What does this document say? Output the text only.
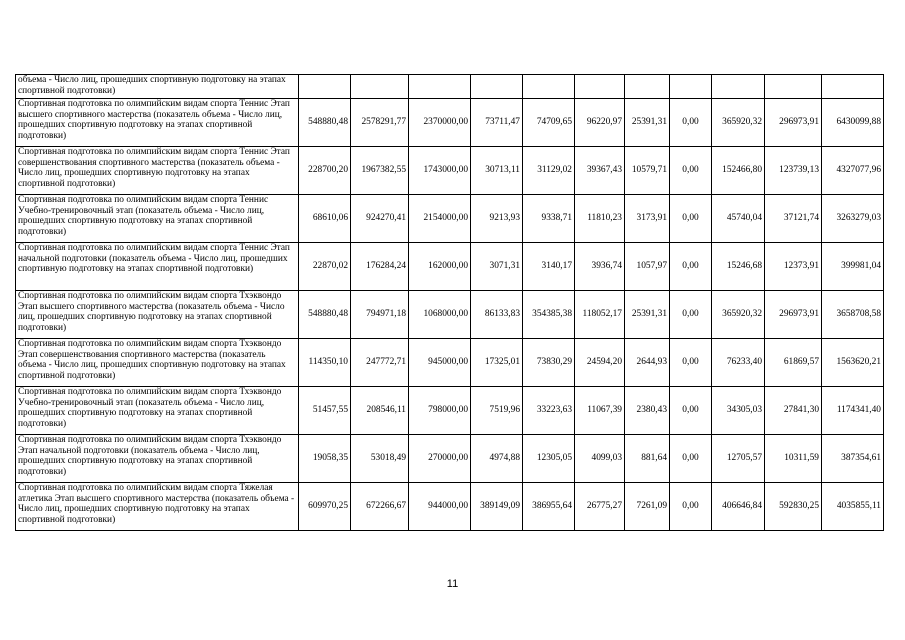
объема - Число лиц, прошедших спортивную подготовку на этапах спортивной подготовки)											
Спортивная подготовка по олимпийским видам спорта Теннис Этап высшего спортивного мастерства (показатель объема - Число лиц, прошедших спортивную подготовку на этапах спортивной подготовки)	548880,48	2578291,77	2370000,00	73711,47	74709,65	96220,97	25391,31	0,00	365920,32	296973,91	6430099,88
Спортивная подготовка по олимпийским видам спорта Теннис Этап совершенствования спортивного мастерства (показатель объема - Число лиц, прошедших спортивную подготовку на этапах спортивной подготовки)	228700,20	1967382,55	1743000,00	30713,11	31129,02	39367,43	10579,71	0,00	152466,80	123739,13	4327077,96
Спортивная подготовка по олимпийским видам спорта Теннис Учебно-тренировочный этап (показатель объема - Число лиц, прошедших спортивную подготовку на этапах спортивной подготовки)	68610,06	924270,41	2154000,00	9213,93	9338,71	11810,23	3173,91	0,00	45740,04	37121,74	3263279,03
Спортивная подготовка по олимпийским видам спорта Теннис Этап начальной подготовки (показатель объема - Число лиц, прошедших спортивную подготовку на этапах спортивной подготовки)	22870,02	176284,24	162000,00	3071,31	3140,17	3936,74	1057,97	0,00	15246,68	12373,91	399981,04
Спортивная подготовка по олимпийским видам спорта Тхэквондо Этап высшего спортивного мастерства (показатель объема - Число лиц, прошедших спортивную подготовку на этапах спортивной подготовки)	548880,48	794971,18	1068000,00	86133,83	354385,38	118052,17	25391,31	0,00	365920,32	296973,91	3658708,58
Спортивная подготовка по олимпийским видам спорта Тхэквондо Этап совершенствования спортивного мастерства (показатель объема - Число лиц, прошедших спортивную подготовку на этапах спортивной подготовки)	114350,10	247772,71	945000,00	17325,01	73830,29	24594,20	2644,93	0,00	76233,40	61869,57	1563620,21
Спортивная подготовка по олимпийским видам спорта Тхэквондо Учебно-тренировочный этап (показатель объема - Число лиц, прошедших спортивную подготовку на этапах спортивной подготовки)	51457,55	208546,11	798000,00	7519,96	33223,63	11067,39	2380,43	0,00	34305,03	27841,30	1174341,40
Спортивная подготовка по олимпийским видам спорта Тхэквондо Этап начальной подготовки (показатель объема - Число лиц, прошедших спортивную подготовку на этапах спортивной подготовки)	19058,35	53018,49	270000,00	4974,88	12305,05	4099,03	881,64	0,00	12705,57	10311,59	387354,61
Спортивная подготовка по олимпийским видам спорта Тяжелая атлетика Этап высшего спортивного мастерства (показатель объема - Число лиц, прошедших спортивную подготовку на этапах спортивной подготовки)	609970,25	672266,67	944000,00	389149,09	386955,64	26775,27	7261,09	0,00	406646,84	592830,25	4035855,11
11
